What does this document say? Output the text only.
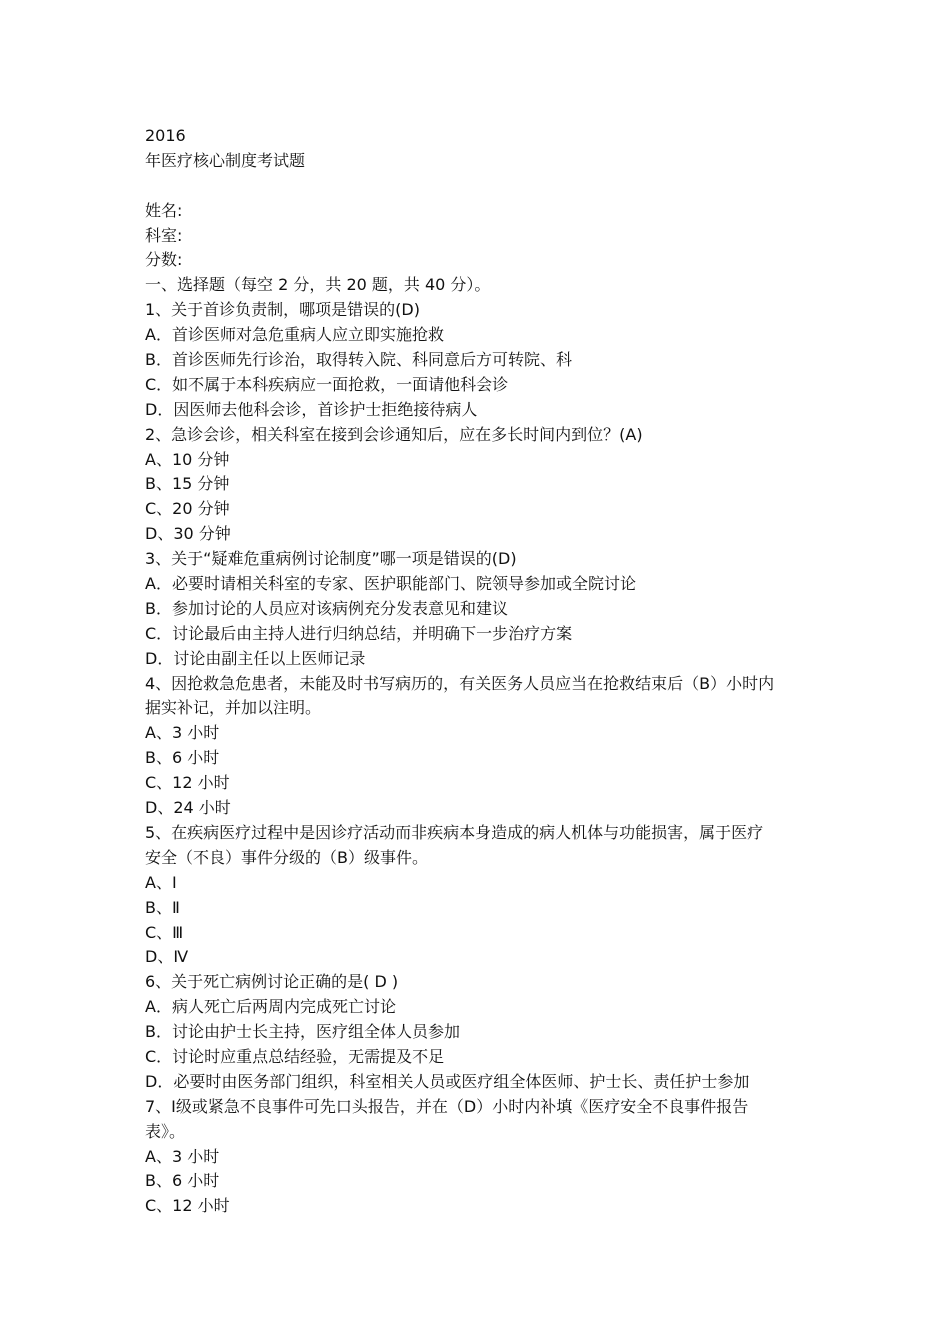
2016
年医疗核心制度考试题
姓名:
科室:
分数:
一、选择题（每空 2 分，共 20 题，共 40 分）。
1、关于首诊负责制，哪项是错误的(D)
A．首诊医师对急危重病人应立即实施抢救
B．首诊医师先行诊治，取得转入院、科同意后方可转院、科
C．如不属于本科疾病应一面抢救，一面请他科会诊
D．因医师去他科会诊，首诊护士拒绝接待病人
2、急诊会诊，相关科室在接到会诊通知后，应在多长时间内到位？(A)
A、10 分钟
B、15 分钟
C、20 分钟
D、30 分钟
3、关于“疑难危重病例讨论制度”哪一项是错误的(D)
A．必要时请相关科室的专家、医护职能部门、院领导参加或全院讨论
B．参加讨论的人员应对该病例充分发表意见和建议
C．讨论最后由主持人进行归纳总结，并明确下一步治疗方案
D．讨论由副主任以上医师记录
4、因抢救急危患者，未能及时书写病历的，有关医务人员应当在抢救结束后（B）小时内
据实补记，并加以注明。
A、3 小时
B、6 小时
C、12 小时
D、24 小时
5、在疾病医疗过程中是因诊疗活动而非疾病本身造成的病人机体与功能损害，属于医疗
安全（不良）事件分级的（B）级事件。
A、Ⅰ
B、Ⅱ
C、Ⅲ
D、Ⅳ
6、关于死亡病例讨论正确的是( D )
A．病人死亡后两周内完成死亡讨论
B．讨论由护士长主持，医疗组全体人员参加
C．讨论时应重点总结经验，无需提及不足
D．必要时由医务部门组织，科室相关人员或医疗组全体医师、护士长、责任护士参加
7、Ⅰ级或紧急不良事件可先口头报告，并在（D）小时内补填《医疗安全不良事件报告
表》。
A、3 小时
B、6 小时
C、12 小时
